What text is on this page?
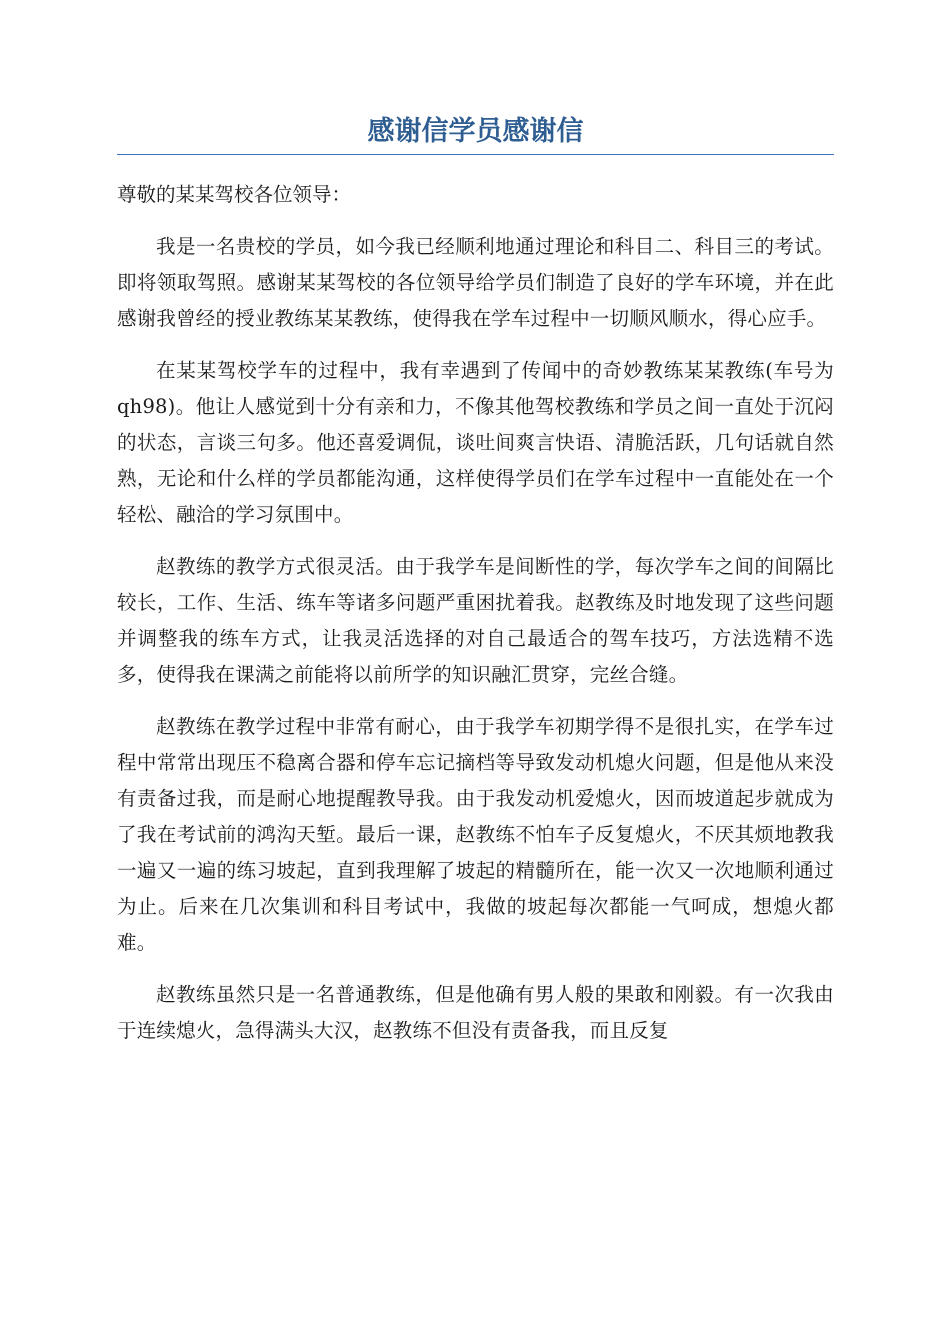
感谢信学员感谢信

尊敬的某某驾校各位领导：

我是一名贵校的学员，如今我已经顺利地通过理论和科目二、科目三的考试。即将领取驾照。感谢某某驾校的各位领导给学员们制造了良好的学车环境，并在此感谢我曾经的授业教练某某教练，使得我在学车过程中一切顺风顺水，得心应手。

在某某驾校学车的过程中，我有幸遇到了传闻中的奇妙教练某某教练(车号为qh98)。他让人感觉到十分有亲和力，不像其他驾校教练和学员之间一直处于沉闷的状态，言谈三句多。他还喜爱调侃，谈吐间爽言快语、清脆活跃，几句话就自然熟，无论和什么样的学员都能沟通，这样使得学员们在学车过程中一直能处在一个轻松、融洽的学习氛围中。

赵教练的教学方式很灵活。由于我学车是间断性的学，每次学车之间的间隔比较长，工作、生活、练车等诸多问题严重困扰着我。赵教练及时地发现了这些问题并调整我的练车方式，让我灵活选择的对自己最适合的驾车技巧，方法选精不选多，使得我在课满之前能将以前所学的知识融汇贯穿，完丝合缝。

赵教练在教学过程中非常有耐心，由于我学车初期学得不是很扎实，在学车过程中常常出现压不稳离合器和停车忘记摘档等导致发动机熄火问题，但是他从来没有责备过我，而是耐心地提醒教导我。由于我发动机爱熄火，因而坡道起步就成为了我在考试前的鸿沟天堑。最后一课，赵教练不怕车子反复熄火，不厌其烦地教我一遍又一遍的练习坡起，直到我理解了坡起的精髓所在，能一次又一次地顺利通过为止。后来在几次集训和科目考试中，我做的坡起每次都能一气呵成，想熄火都难。

赵教练虽然只是一名普通教练，但是他确有男人般的果敢和刚毅。有一次我由于连续熄火，急得满头大汉，赵教练不但没有责备我，而且反复
